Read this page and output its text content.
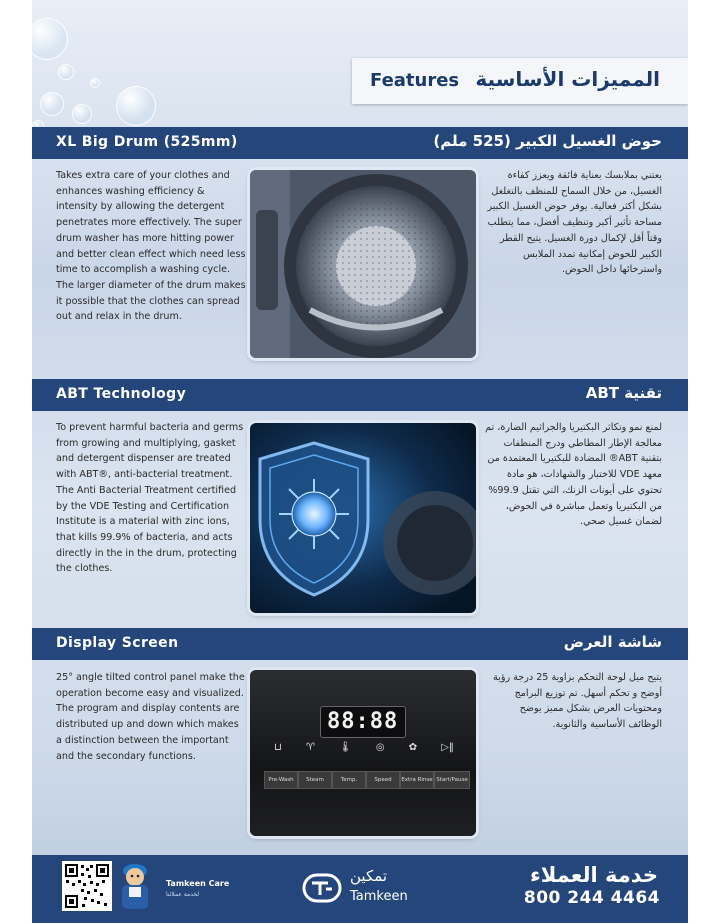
Features المميزات الأساسية
XL Big Drum (525mm)	حوض الغسيل الكبير (525 ملم)
Takes extra care of your clothes and enhances washing efficiency & intensity by allowing the detergent penetrates more effectively. The super drum washer has more hitting power and better clean effect which need less time to accomplish a washing cycle. The larger diameter of the drum makes it possible that the clothes can spread out and relax in the drum.
يعتني بملابسك بعناية فائقة ويعزز كفاءة الغسيل، من خلال السماح للمنظف بالتغلغل بشكل أكثر فعالية. يوفر حوض الغسيل الكبير مساحة تأثير أكبر وتنظيف أفضل، مما يتطلب وقتاً أقل لإكمال دورة الغسيل. يتيح القطر الكبير للحوض إمكانية تمدد الملابس واسترخائها داخل الحوض.
ABT Technology	تقنية ABT
To prevent harmful bacteria and germs from growing and multiplying, gasket and detergent dispenser are treated with ABT®, anti-bacterial treatment. The Anti Bacterial Treatment certified by the VDE Testing and Certification Institute is a material with zinc ions, that kills 99.9% of bacteria, and acts directly in the in the drum, protecting the clothes.
لمنع نمو وتكاثر البكتيريا والجراثيم الضارة، تم معالجة الإطار المطاطي ودرج المنظفات بتقنية ABT® المضادة للبكتيريا المعتمدة من معهد VDE للاختبار والشهادات، هو مادة تحتوي على أيونات الزنك، التي تقتل 99.9% من البكتيريا وتعمل مباشرة في الحوض، لضمان غسيل صحي.
Display Screen	شاشة العرض
25° angle tilted control panel make the operation become easy and visualized. The program and display contents are distributed up and down which makes a distinction between the important and the secondary functions.
88:88
⊔ ♈ 🌡 ◎ ✿ ▷‖
Pre-Wash	Steam	Temp.	Speed	Extra Rinse Start/Pause
يتيح ميل لوحة التحكم بزاوية 25 درجة رؤية أوضح و تحكم أسهل. تم توزيع البرامج ومحتويات العرض بشكل مميز يوضح الوظائف الأساسية والثانوية.
Tamkeen Care
لخدمة عملائنا
تمكين
Tamkeen
خدمة العملاء
800 244 4464
